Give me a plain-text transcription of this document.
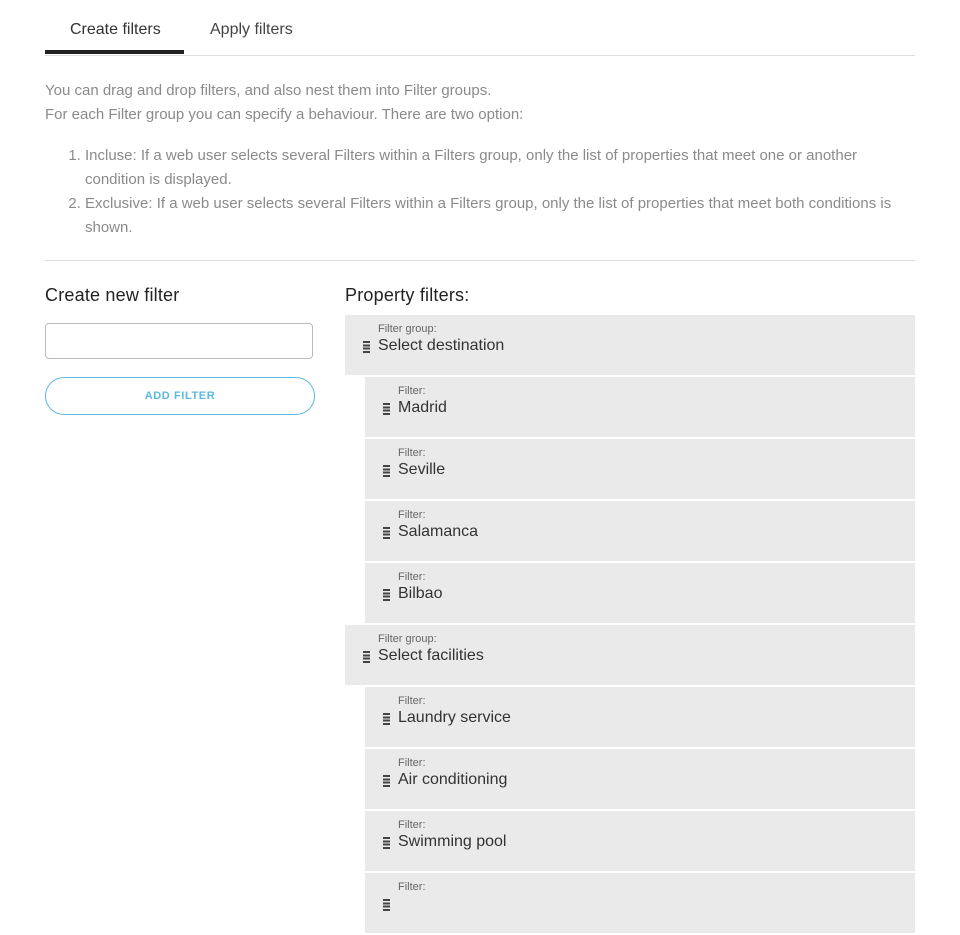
Create filters	Apply filters

You can drag and drop filters, and also nest them into Filter groups.

For each Filter group you can specify a behaviour. There are two option:

1. Incluse: If a web user selects several Filters within a Filters group, only the list of properties that meet one or another condition is displayed.
2. Exclusive: If a web user selects several Filters within a Filters group, only the list of properties that meet both conditions is shown.
Create new filter
ADD FILTER
Property filters:
Filter group:
Select destination
Filter:
Madrid
Filter:
Seville
Filter:
Salamanca
Filter:
Bilbao
Filter group:
Select facilities
Filter:
Laundry service
Filter:
Air conditioning
Filter:
Swimming pool
Filter:
